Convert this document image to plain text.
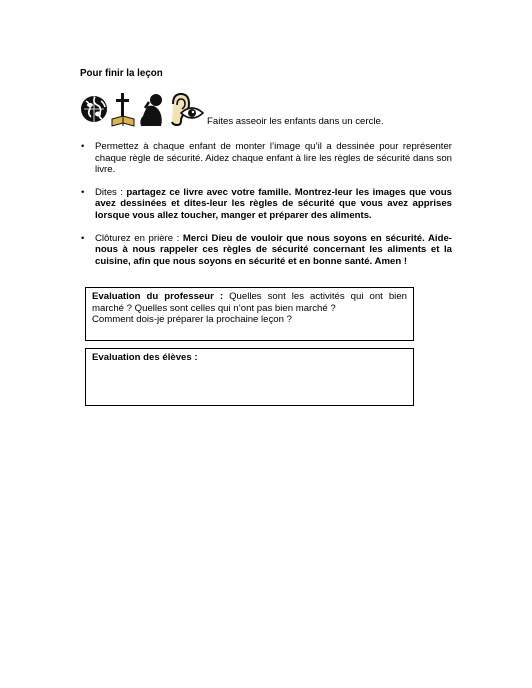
Pour finir la leçon
Faites asseoir les enfants dans un cercle.
• Permettez à chaque enfant de monter l’image qu’il a dessinée pour représenter chaque règle de sécurité. Aidez chaque enfant à lire les règles de sécurité dans son livre.
• Dites : partagez ce livre avec votre famille. Montrez-leur les images que vous avez dessinées et dites-leur les règles de sécurité que vous avez apprises lorsque vous allez toucher, manger et préparer des aliments.
• Clôturez en prière : Merci Dieu de vouloir que nous soyons en sécurité. Aide-nous à nous rappeler ces règles de sécurité concernant les aliments et la cuisine, afin que nous soyons en sécurité et en bonne santé. Amen !
Evaluation du professeur : Quelles sont les activités qui ont bien marché ? Quelles sont celles qui n’ont pas bien marché ?
Comment dois-je préparer la prochaine leçon ?
Evaluation des élèves :
